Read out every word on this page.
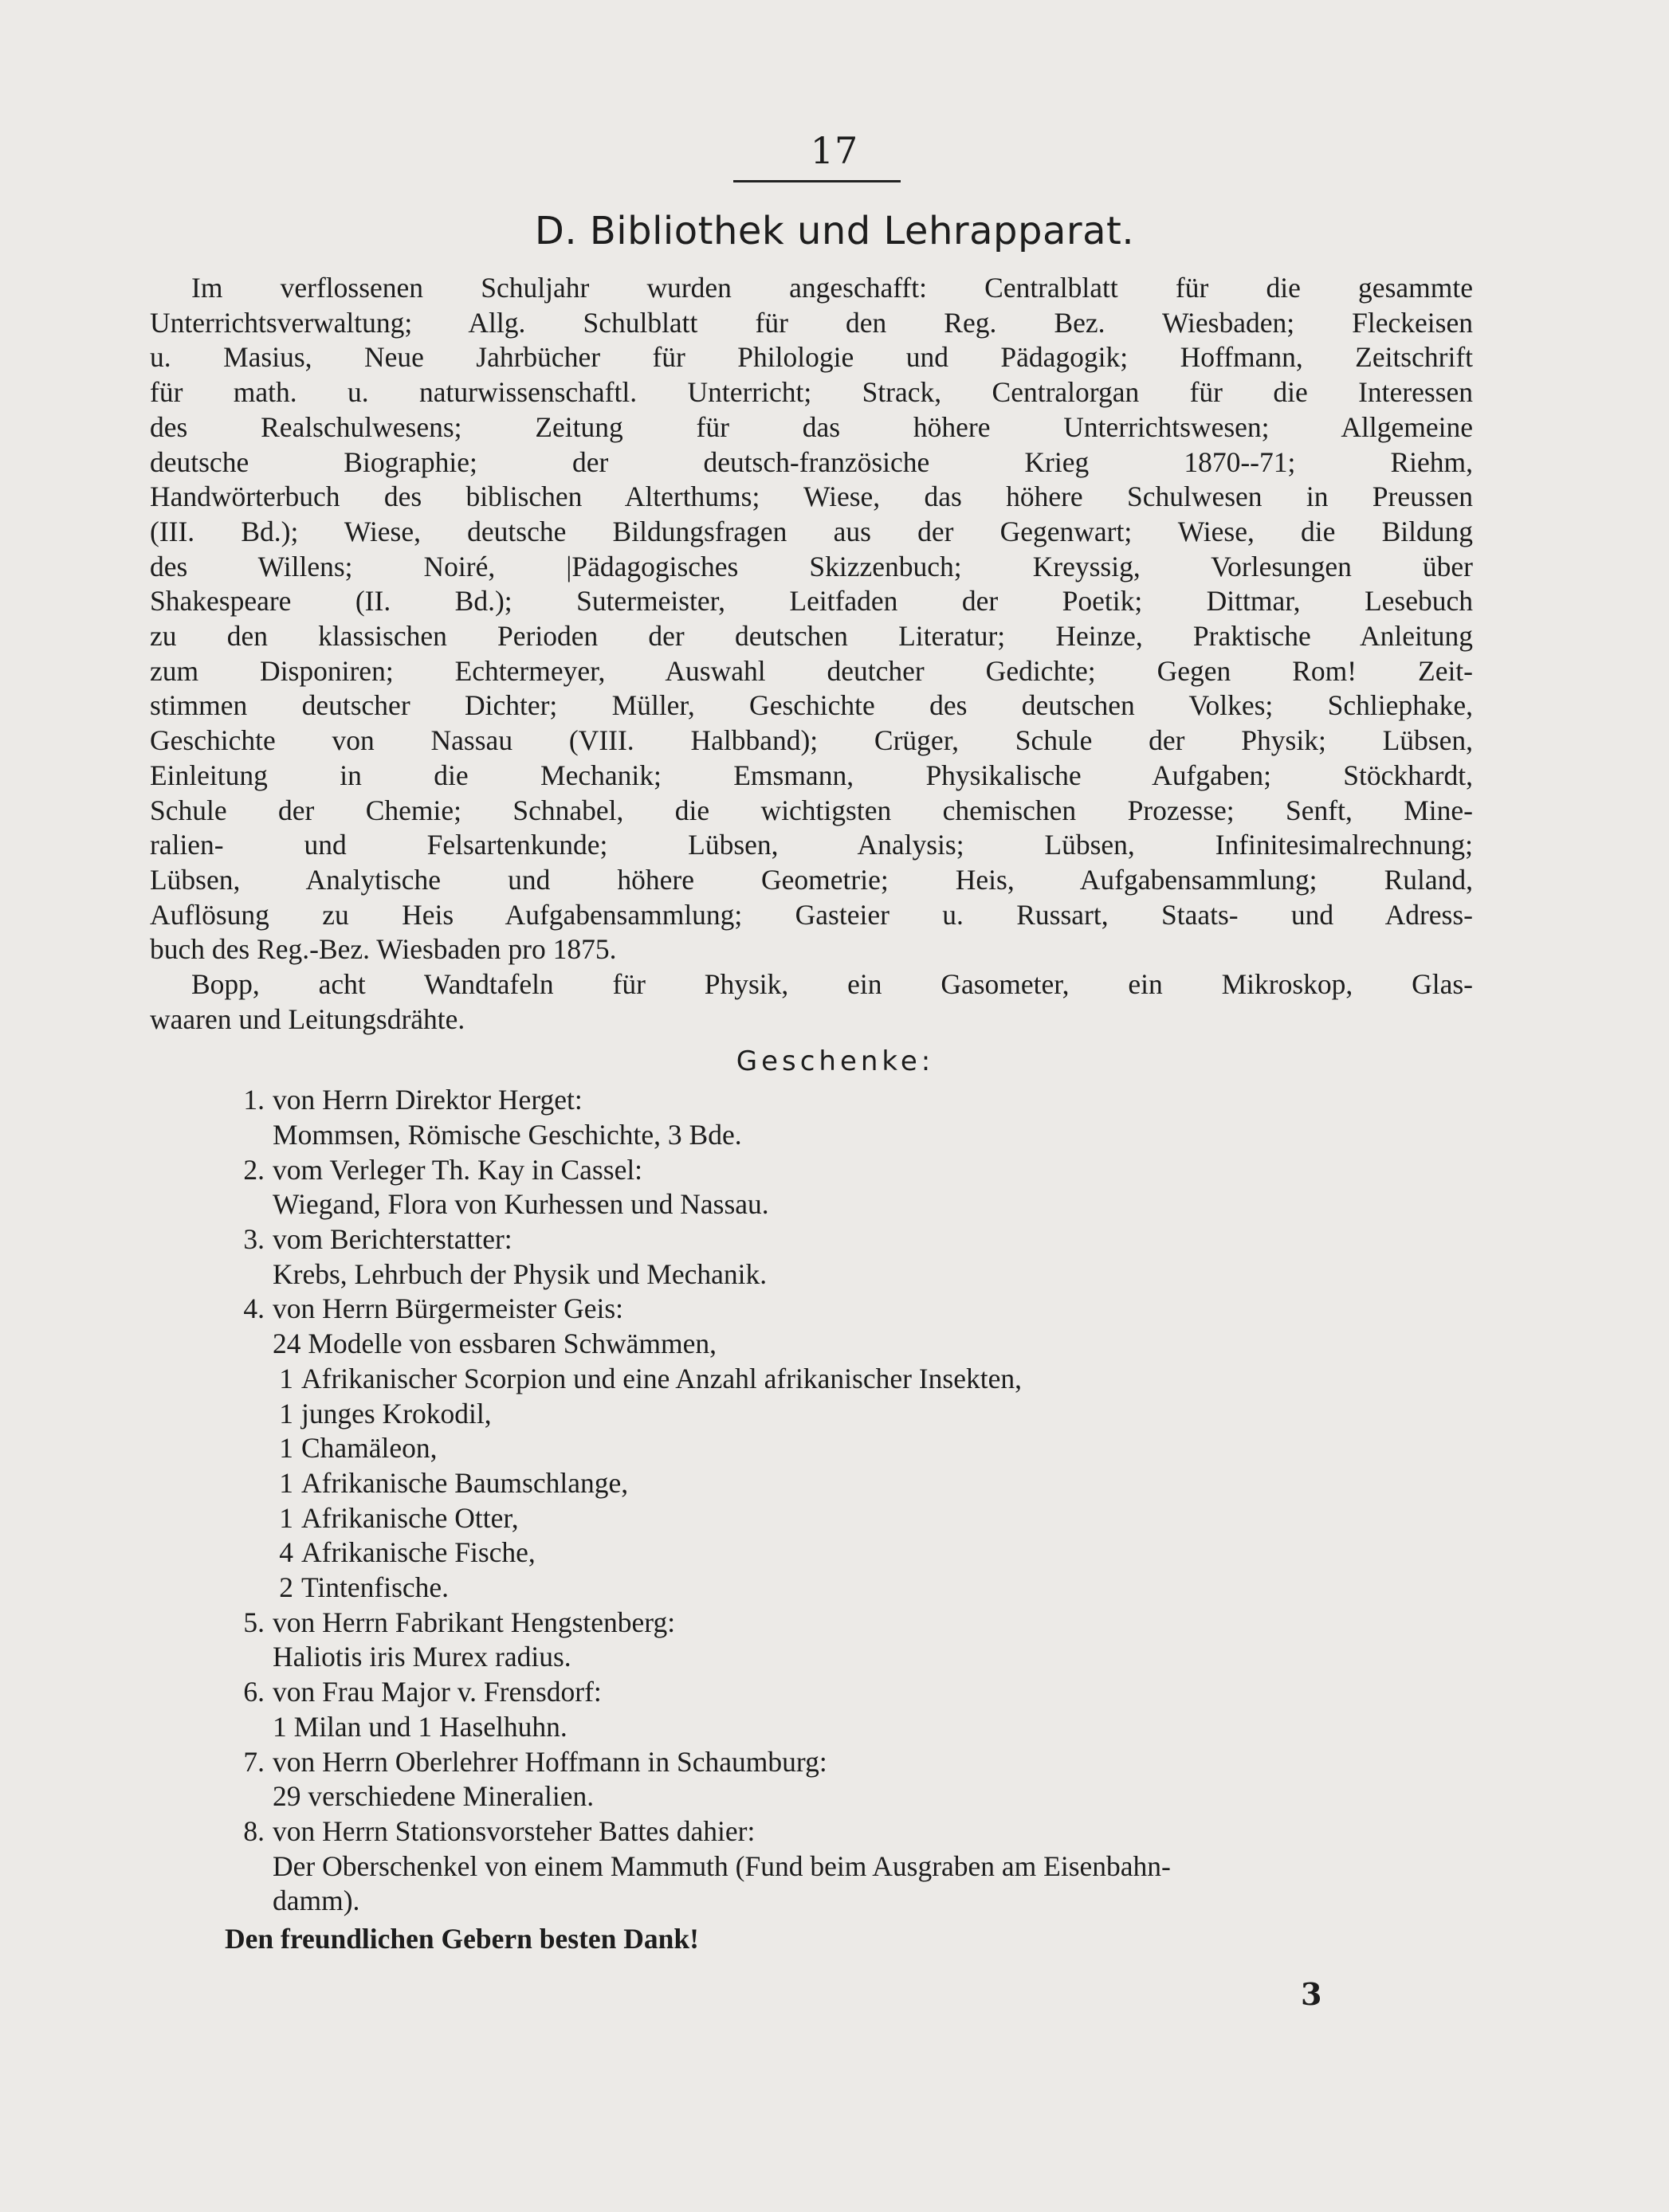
17
D. Bibliothek und Lehrapparat.
Im verflossenen Schuljahr wurden angeschafft: Centralblatt für die gesammte
Unterrichtsverwaltung; Allg. Schulblatt für den Reg. Bez. Wiesbaden; Fleckeisen
u. Masius, Neue Jahrbücher für Philologie und Pädagogik; Hoffmann, Zeitschrift
für math. u. naturwissenschaftl. Unterricht; Strack, Centralorgan für die Interessen
des Realschulwesens; Zeitung für das höhere Unterrichtswesen; Allgemeine
deutsche Biographie; der deutsch-französiche Krieg 1870--71; Riehm,
Handwörterbuch des biblischen Alterthums; Wiese, das höhere Schulwesen in Preussen
(III. Bd.); Wiese, deutsche Bildungsfragen aus der Gegenwart; Wiese, die Bildung
des Willens; Noiré, |Pädagogisches Skizzenbuch; Kreyssig, Vorlesungen über
Shakespeare (II. Bd.); Sutermeister, Leitfaden der Poetik; Dittmar, Lesebuch
zu den klassischen Perioden der deutschen Literatur; Heinze, Praktische Anleitung
zum Disponiren; Echtermeyer, Auswahl deutcher Gedichte; Gegen Rom! Zeit-
stimmen deutscher Dichter; Müller, Geschichte des deutschen Volkes; Schliephake,
Geschichte von Nassau (VIII. Halbband); Crüger, Schule der Physik; Lübsen,
Einleitung in die Mechanik; Emsmann, Physikalische Aufgaben; Stöckhardt,
Schule der Chemie; Schnabel, die wichtigsten chemischen Prozesse; Senft, Mine-
ralien- und Felsartenkunde; Lübsen, Analysis; Lübsen, Infinitesimalrechnung;
Lübsen, Analytische und höhere Geometrie; Heis, Aufgabensammlung; Ruland,
Auflösung zu Heis Aufgabensammlung; Gasteier u. Russart, Staats- und Adress-
buch des Reg.-Bez. Wiesbaden pro 1875.
Bopp, acht Wandtafeln für Physik, ein Gasometer, ein Mikroskop, Glas-
waaren und Leitungsdrähte.
Geschenke:
1. von Herrn Direktor Herget:
Mommsen, Römische Geschichte, 3 Bde.
2. vom Verleger Th. Kay in Cassel:
Wiegand, Flora von Kurhessen und Nassau.
3. vom Berichterstatter:
Krebs, Lehrbuch der Physik und Mechanik.
4. von Herrn Bürgermeister Geis:
24 Modelle von essbaren Schwämmen,
1 Afrikanischer Scorpion und eine Anzahl afrikanischer Insekten,
1 junges Krokodil,
1 Chamäleon,
1 Afrikanische Baumschlange,
1 Afrikanische Otter,
4 Afrikanische Fische,
2 Tintenfische.
5. von Herrn Fabrikant Hengstenberg:
Haliotis iris Murex radius.
6. von Frau Major v. Frensdorf:
1 Milan und 1 Haselhuhn.
7. von Herrn Oberlehrer Hoffmann in Schaumburg:
29 verschiedene Mineralien.
8. von Herrn Stationsvorsteher Battes dahier:
Der Oberschenkel von einem Mammuth (Fund beim Ausgraben am Eisenbahn-
damm).
Den freundlichen Gebern besten Dank!
3
